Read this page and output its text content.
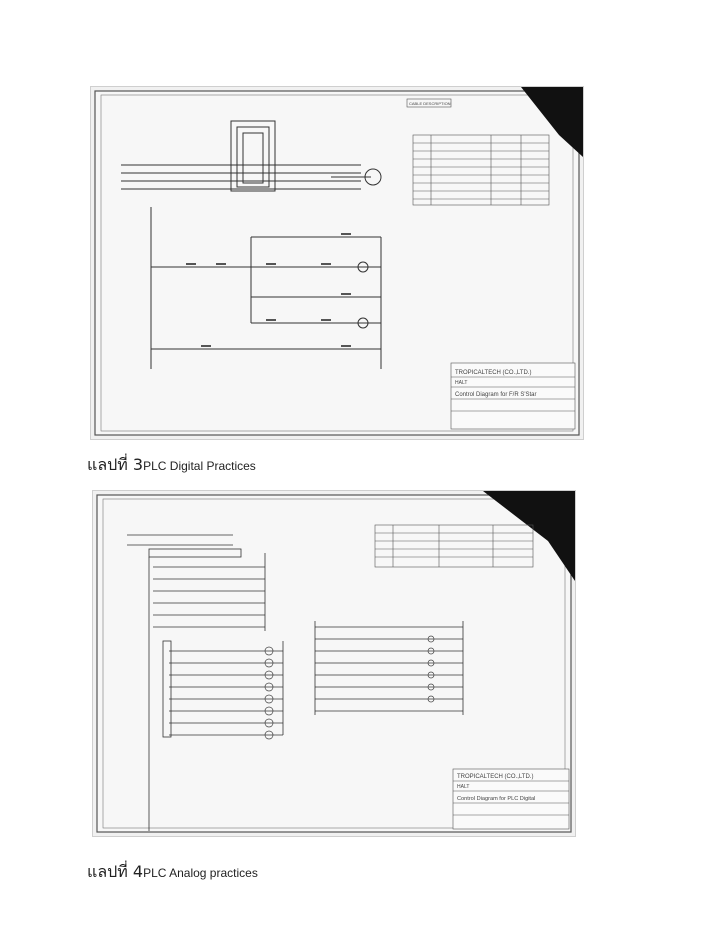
CABLE DESCRIPTION
TROPICALTECH (CO.,LTD.)
HALT
Control Diagram for F/R S'Star
แลปที่ 3PLC Digital Practices
TROPICALTECH (CO.,LTD.)
HALT
Control Diagram for PLC Digital
แลปที่ 4PLC Analog practices
